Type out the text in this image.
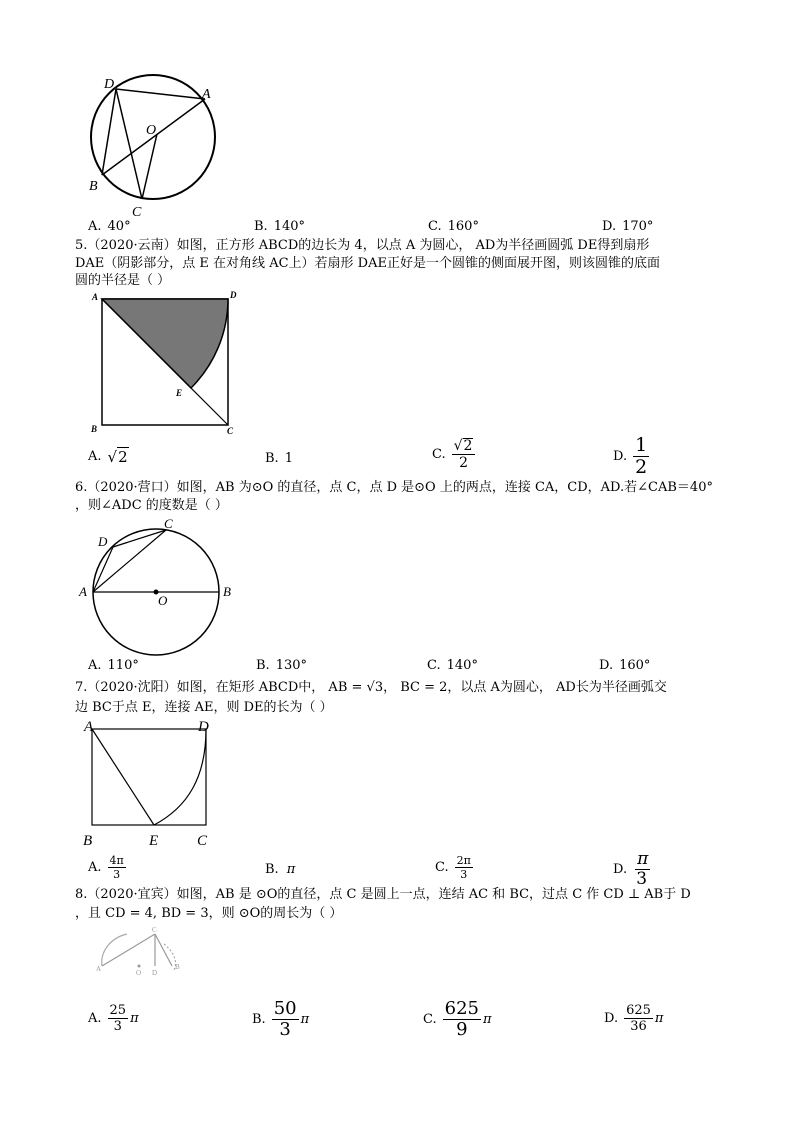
D
A
O
B
C
A. 40°	B. 140°	C. 160°	D. 170°
5.（2020·云南）如图，正方形 ABCD的边长为 4，以点 A 为圆心， AD为半径画圆弧 DE得到扇形
DAE（阴影部分，点 E 在对角线 AC上）若扇形 DAE正好是一个圆锥的侧面展开图，则该圆锥的底面
圆的半径是（ ）
A	D
E
B	C
A. √ 2	B. 1	C. $\frac{√ 2}{2}$	D. $\frac{1}{2}$
6.（2020·营口）如图，AB 为⊙O 的直径，点 C，点 D 是⊙O 上的两点，连接 CA，CD，AD.若∠CAB＝40°
，则∠ADC 的度数是（ ）
C
D
A
O
B
A. 110°	B. 130°	C. 140°	D. 160°
7.（2020·沈阳）如图，在矩形 ABCD中， AB = √3， BC = 2，以点 A为圆心， AD长为半径画弧交
边 BC于点 E，连接 AE，则 DE的长为（ ）
A	D
B	E	C
A. $\frac{4\pi}{3}$	B. π	C. $\frac{2\pi}{3}$	D. $\frac{\pi}{3}$
8.（2020·宜宾）如图，AB 是 ⊙O的直径，点 C 是圆上一点，连结 AC 和 BC，过点 C 作 CD ⊥ AB于 D
，且 CD = 4, BD = 3，则 ⊙O的周长为（ ）
C
A	O D
B
A. $\frac{25}{3}$ π	B. $\frac{50}{3}$ π	C. $\frac{625}{9}$ π	D. $\frac{625}{36}$ π
